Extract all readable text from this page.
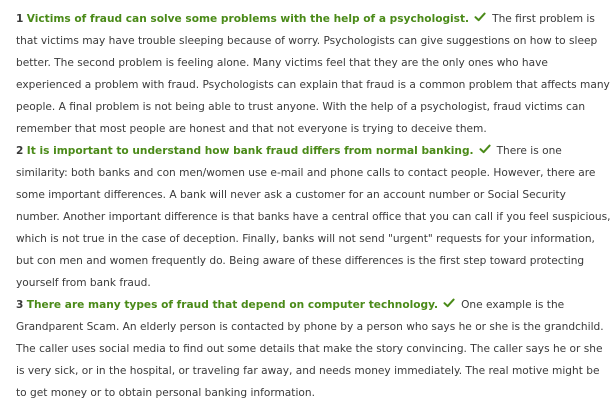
1 Victims of fraud can solve some problems with the help of a psychologist. The first problem is that victims may have trouble sleeping because of worry. Psychologists can give suggestions on how to sleep better. The second problem is feeling alone. Many victims feel that they are the only ones who have experienced a problem with fraud. Psychologists can explain that fraud is a common problem that affects many people. A final problem is not being able to trust anyone. With the help of a psychologist, fraud victims can remember that most people are honest and that not everyone is trying to deceive them.

2 It is important to understand how bank fraud differs from normal banking. There is one similarity: both banks and con men/women use e-mail and phone calls to contact people. However, there are some important differences. A bank will never ask a customer for an account number or Social Security number. Another important difference is that banks have a central office that you can call if you feel suspicious, which is not true in the case of deception. Finally, banks will not send "urgent" requests for your information, but con men and women frequently do. Being aware of these differences is the first step toward protecting yourself from bank fraud.

3 There are many types of fraud that depend on computer technology. One example is the Grandparent Scam. An elderly person is contacted by phone by a person who says he or she is the grandchild. The caller uses social media to find out some details that make the story convincing. The caller says he or she is very sick, or in the hospital, or traveling far away, and needs money immediately. The real motive might be to get money or to obtain personal banking information.
